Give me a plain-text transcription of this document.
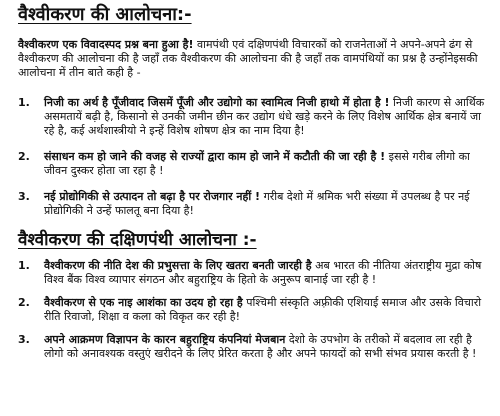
वैश्वीकरण की आलोचना:-
वैश्वीकरण एक विवादस्पद प्रश्न बना हुआ है! वामपंथी एवं दक्षिणपंथी विचारकों को राजनेताओं ने अपने-अपने ढंग से वैश्वीकरण की आलोचना की है जहाँ तक वैश्वीकरण की आलोचना की है जहाँ तक वामपंथियों का प्रश्न है उन्होंनेइसकी आलोचना में तीन बाते कही है -
1.	निजी का अर्थ है पूँजीवाद जिसमें पूँजी और उद्योगो का स्वामित्व निजी हाथो में होता है ! निजी कारण से आर्थिक असमतायें बढ़ी है, किसानो से उनकी जमीन छीन कर उद्योग धंधे खड़े करने के लिए विशेष आर्थिक क्षेत्र बनायें जा रहे है, कई अर्थशास्त्रीयो ने इन्हें विशेष शोषण क्षेत्र का नाम दिया है!
2.	संसाधन कम हो जाने की वजह से राज्यों द्वारा काम हो जाने में कटौती की जा रही है ! इससे गरीब लीगो का जीवन दुस्कर होता जा रहा है !
3.	नई प्रोद्योगिकी से उत्पादन तो बढ़ा है पर रोजगार नहीं ! गरीब देशो में श्रमिक भरी संख्या में उपलब्ध है पर नई प्रोद्योगिकी ने उन्हें फालतू बना दिया है!
वैश्वीकरण की दक्षिणपंथी आलोचना :-
1.	वैश्वीकरण की नीति देश की प्रभुसत्ता के लिए खतरा बनती जारही है अब भारत की नीतिया अंतराष्ट्रीय मुद्रा कोष विश्व बैंक विश्व व्यापार संगठन और बहुराष्ट्रिय के हितो के अनुरूप बानाई जा रही है !
2.	वैश्वीकरण से एक नाइ आशंका का उदय हो रहा है पश्चिमी संस्कृति अफ़्रीकी एशियाई समाज और उसके विचारो रीति रिवाजो, शिक्षा व कला को विकृत कर रही है!
3.	अपने आक्रमण विज्ञापन के कारन बहुराष्ट्रिय कंपनियां मेजबान देशो के उपभोग के तरीको में बदलाव ला रही है लोगो को अनावश्यक वस्तुएं खरीदने के लिए प्रेरित करता है और अपने फायदों को सभी संभव प्रयास करती है !
